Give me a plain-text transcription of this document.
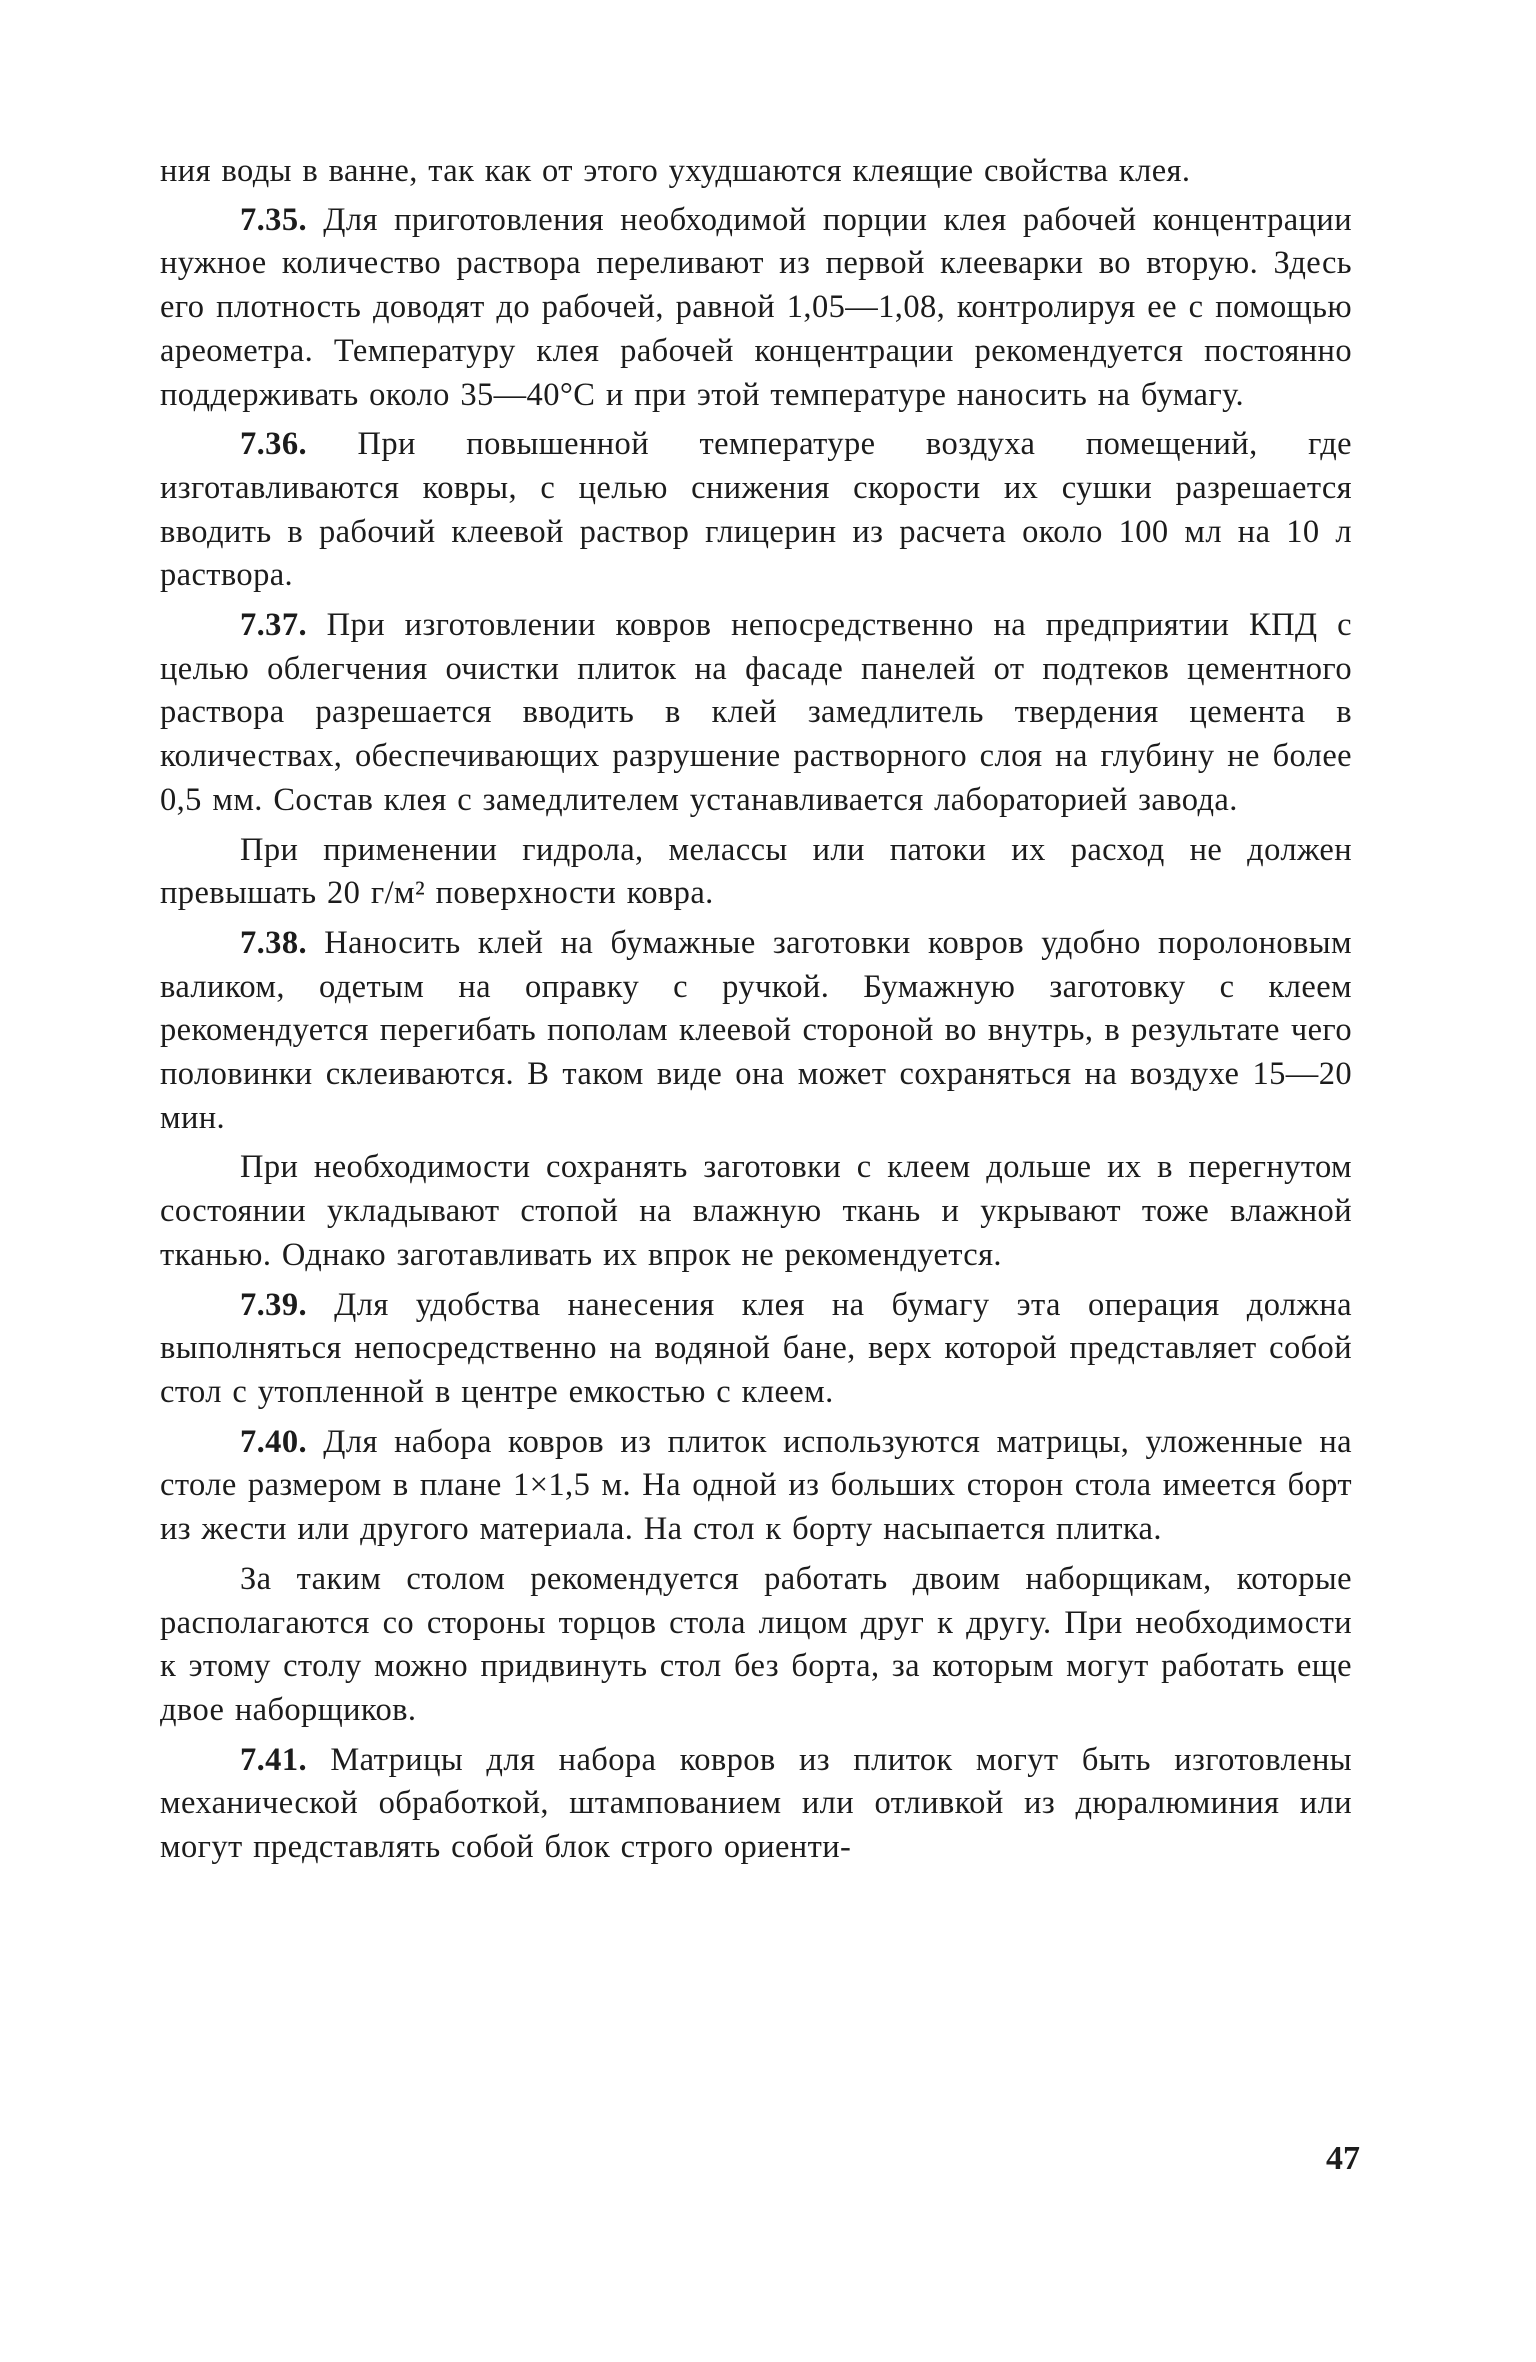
ния воды в ванне, так как от этого ухудшаются клеящие свойства клея.

7.35. Для приготовления необходимой порции клея рабочей концентрации нужное количество раствора переливают из первой клееварки во вторую. Здесь его плотность доводят до рабочей, равной 1,05—1,08, контролируя ее с помощью ареометра. Температуру клея рабочей концентрации рекомендуется постоянно поддерживать около 35—40°С и при этой температуре наносить на бумагу.

7.36. При повышенной температуре воздуха помещений, где изготавливаются ковры, с целью снижения скорости их сушки разрешается вводить в рабочий клеевой раствор глицерин из расчета около 100 мл на 10 л раствора.

7.37. При изготовлении ковров непосредственно на предприятии КПД с целью облегчения очистки плиток на фасаде панелей от подтеков цементного раствора разрешается вводить в клей замедлитель твердения цемента в количествах, обеспечивающих разрушение растворного слоя на глубину не более 0,5 мм. Состав клея с замедлителем устанавливается лабораторией завода.

При применении гидрола, мелассы или патоки их расход не должен превышать 20 г/м² поверхности ковра.

7.38. Наносить клей на бумажные заготовки ковров удобно поролоновым валиком, одетым на оправку с ручкой. Бумажную заготовку с клеем рекомендуется перегибать пополам клеевой стороной во внутрь, в результате чего половинки склеиваются. В таком виде она может сохраняться на воздухе 15—20 мин.

При необходимости сохранять заготовки с клеем дольше их в перегнутом состоянии укладывают стопой на влажную ткань и укрывают тоже влажной тканью. Однако заготавливать их впрок не рекомендуется.

7.39. Для удобства нанесения клея на бумагу эта операция должна выполняться непосредственно на водяной бане, верх которой представляет собой стол с утопленной в центре емкостью с клеем.

7.40. Для набора ковров из плиток используются матрицы, уложенные на столе размером в плане 1×1,5 м. На одной из больших сторон стола имеется борт из жести или другого материала. На стол к борту насыпается плитка.

За таким столом рекомендуется работать двоим наборщикам, которые располагаются со стороны торцов стола лицом друг к другу. При необходимости к этому столу можно придвинуть стол без борта, за которым могут работать еще двое наборщиков.

7.41. Матрицы для набора ковров из плиток могут быть изготовлены механической обработкой, штампованием или отливкой из дюралюминия или могут представлять собой блок строго ориенти-

47
